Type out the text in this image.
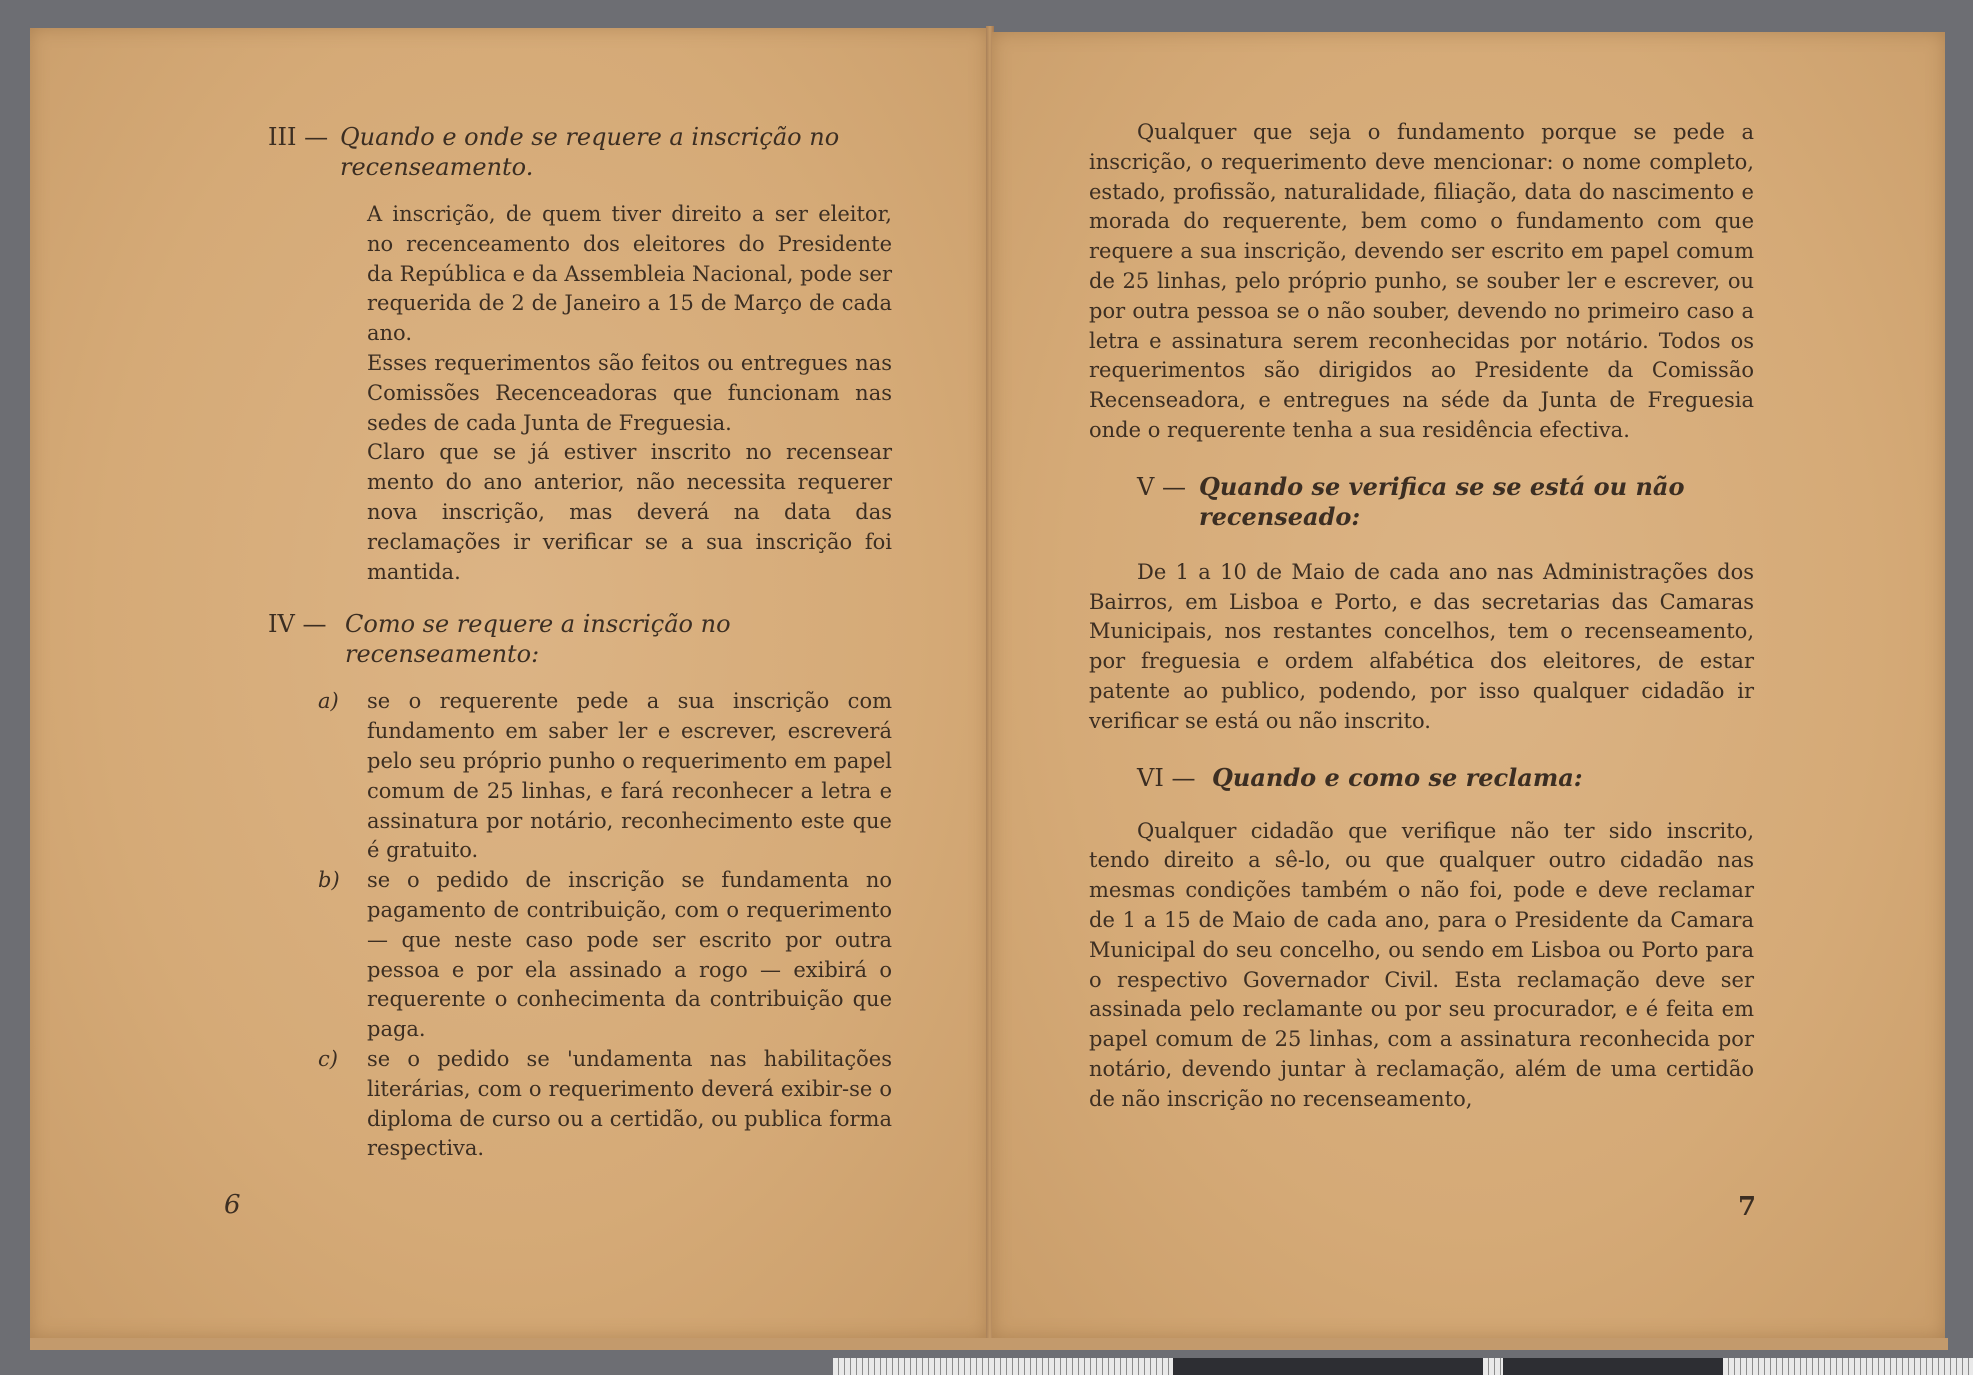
III — Quando e onde se requere a inscrição no recenseamento.

A inscrição, de quem tiver direito a ser eleitor, no recenceamento dos eleitores do Presidente da República e da Assembleia Nacional, pode ser requerida de 2 de Janeiro a 15 de Março de cada ano.

Esses requerimentos são feitos ou entregues nas Comissões Recenceadoras que funcionam nas sedes de cada Junta de Freguesia.

Claro que se já estiver inscrito no recensear mento do ano anterior, não necessita requerer nova inscrição, mas deverá na data das reclamações ir verificar se a sua inscrição foi mantida.

IV — Como se requere a inscrição no recenseamento:
a) se o requerente pede a sua inscrição com fundamento em saber ler e escrever, escreverá pelo seu próprio punho o requerimento em papel comum de 25 linhas, e fará reconhecer a letra e assinatura por notário, reconhecimento este que é gratuito.
b) se o pedido de inscrição se fundamenta no pagamento de contribuição, com o requerimento — que neste caso pode ser escrito por outra pessoa e por ela assinado a rogo — exibirá o requerente o conhecimenta da contribuição que paga.
c) se o pedido se 'undamenta nas habilitações literárias, com o requerimento deverá exibir-se o diploma de curso ou a certidão, ou publica forma respectiva.
6

Qualquer que seja o fundamento porque se pede a inscrição, o requerimento deve mencionar: o nome completo, estado, profissão, naturalidade, filiação, data do nascimento e morada do requerente, bem como o fundamento com que requere a sua inscrição, devendo ser escrito em papel comum de 25 linhas, pelo próprio punho, se souber ler e escrever, ou por outra pessoa se o não souber, devendo no primeiro caso a letra e assinatura serem reconhecidas por notário. Todos os requerimentos são dirigidos ao Presidente da Comissão Recenseadora, e entregues na séde da Junta de Freguesia onde o requerente tenha a sua residência efectiva.

V — Quando se verifica se se está ou não recenseado:

De 1 a 10 de Maio de cada ano nas Administrações dos Bairros, em Lisboa e Porto, e das secretarias das Camaras Municipais, nos restantes concelhos, tem o recenseamento, por freguesia e ordem alfabética dos eleitores, de estar patente ao publico, podendo, por isso qualquer cidadão ir verificar se está ou não inscrito.

VI — Quando e como se reclama:

Qualquer cidadão que verifique não ter sido inscrito, tendo direito a sê-lo, ou que qualquer outro cidadão nas mesmas condições também o não foi, pode e deve reclamar de 1 a 15 de Maio de cada ano, para o Presidente da Camara Municipal do seu concelho, ou sendo em Lisboa ou Porto para o respectivo Governador Civil. Esta reclamação deve ser assinada pelo reclamante ou por seu procurador, e é feita em papel comum de 25 linhas, com a assinatura reconhecida por notário, devendo juntar à reclamação, além de uma certidão de não inscrição no recenseamento,

7
